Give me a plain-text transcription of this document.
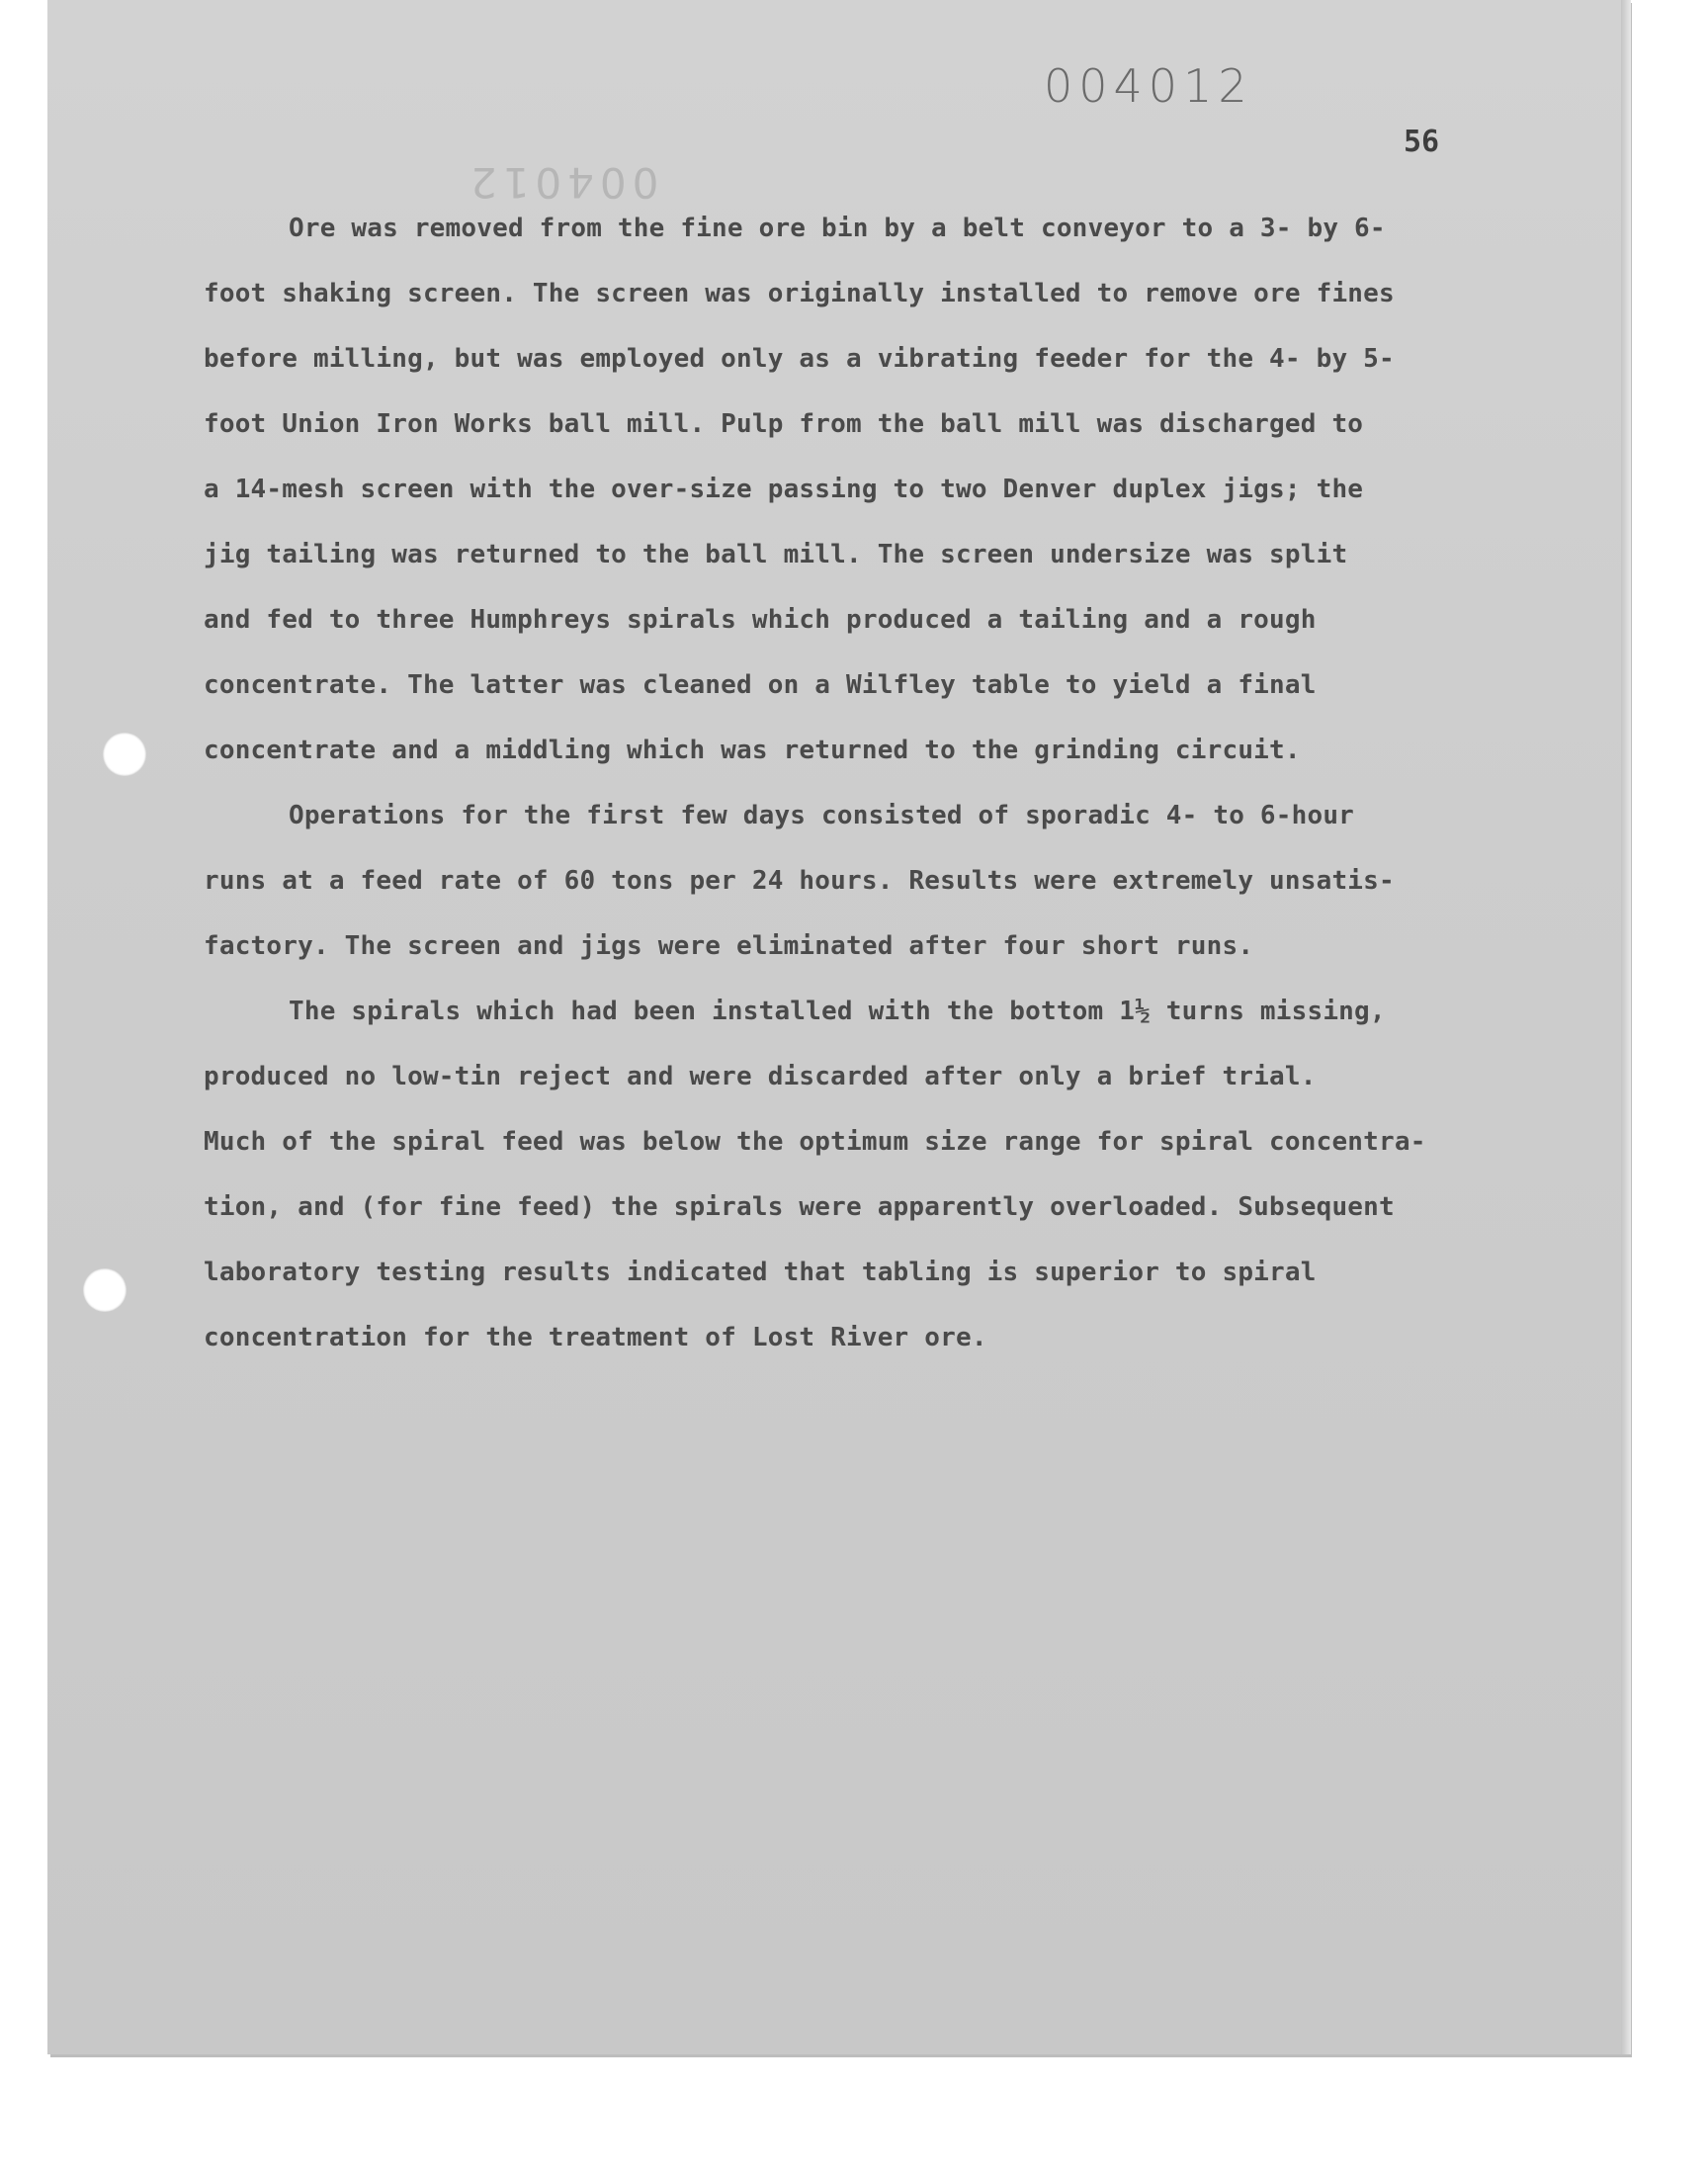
004012
004012
56
Ore was removed from the fine ore bin by a belt conveyor to a 3- by 6-
foot shaking screen. The screen was originally installed to remove ore fines
before milling, but was employed only as a vibrating feeder for the 4- by 5-
foot Union Iron Works ball mill. Pulp from the ball mill was discharged to
a 14-mesh screen with the over-size passing to two Denver duplex jigs; the
jig tailing was returned to the ball mill. The screen undersize was split
and fed to three Humphreys spirals which produced a tailing and a rough
concentrate. The latter was cleaned on a Wilfley table to yield a final
concentrate and a middling which was returned to the grinding circuit.
Operations for the first few days consisted of sporadic 4- to 6-hour
runs at a feed rate of 60 tons per 24 hours. Results were extremely unsatis-
factory. The screen and jigs were eliminated after four short runs.
The spirals which had been installed with the bottom 1½ turns missing,
produced no low-tin reject and were discarded after only a brief trial.
Much of the spiral feed was below the optimum size range for spiral concentra-
tion, and (for fine feed) the spirals were apparently overloaded. Subsequent
laboratory testing results indicated that tabling is superior to spiral
concentration for the treatment of Lost River ore.
